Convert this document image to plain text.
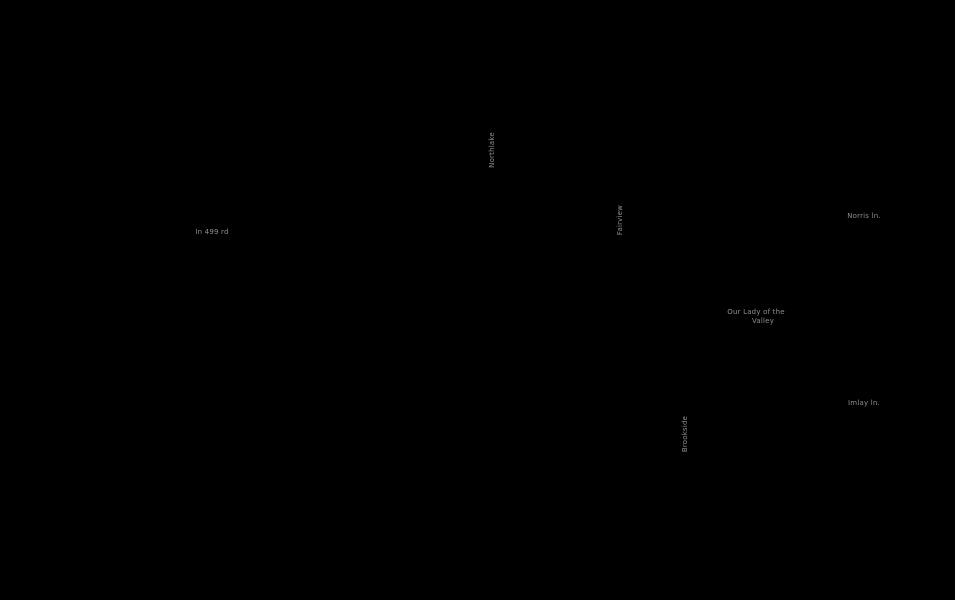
Northlake
In 499 rd	Fairview	Norris ln.
Our Lady of the
Valley
Imlay ln.
Brookside
